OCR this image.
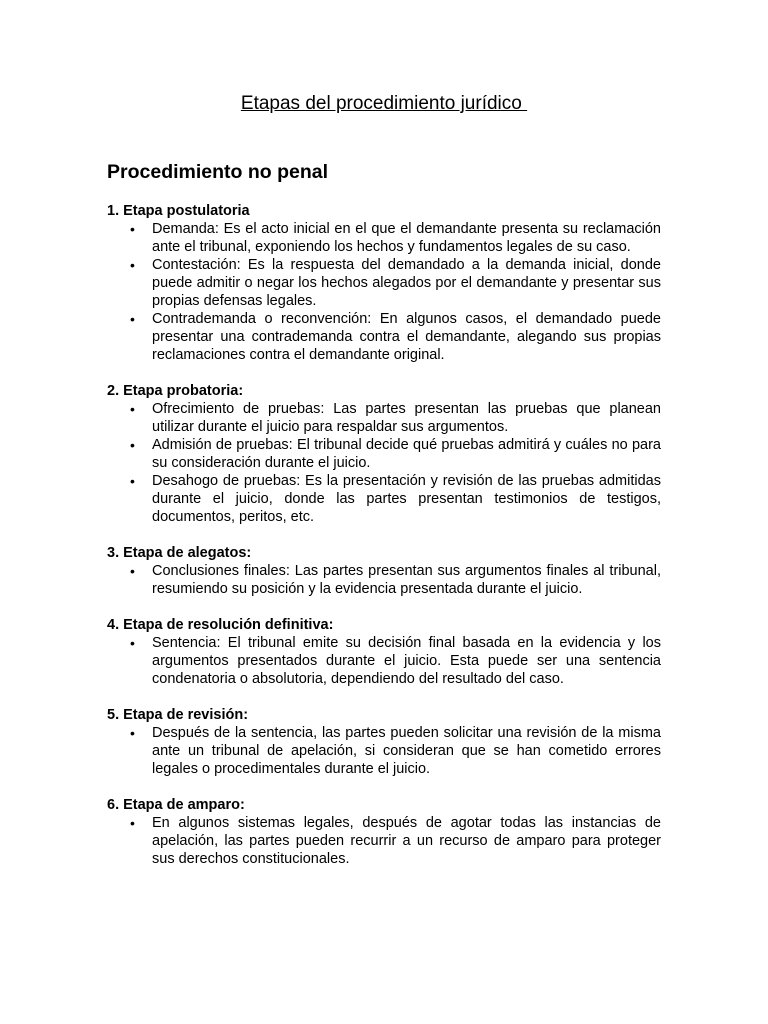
Etapas del procedimiento jurídico
Procedimiento no penal
1. Etapa postulatoria
• Demanda: Es el acto inicial en el que el demandante presenta su reclamación ante el tribunal, exponiendo los hechos y fundamentos legales de su caso.
• Contestación: Es la respuesta del demandado a la demanda inicial, donde puede admitir o negar los hechos alegados por el demandante y presentar sus propias defensas legales.
• Contrademanda o reconvención: En algunos casos, el demandado puede presentar una contrademanda contra el demandante, alegando sus propias reclamaciones contra el demandante original.
2. Etapa probatoria:
• Ofrecimiento de pruebas: Las partes presentan las pruebas que planean utilizar durante el juicio para respaldar sus argumentos.
• Admisión de pruebas: El tribunal decide qué pruebas admitirá y cuáles no para su consideración durante el juicio.
• Desahogo de pruebas: Es la presentación y revisión de las pruebas admitidas durante el juicio, donde las partes presentan testimonios de testigos, documentos, peritos, etc.
3. Etapa de alegatos:
• Conclusiones finales: Las partes presentan sus argumentos finales al tribunal, resumiendo su posición y la evidencia presentada durante el juicio.
4. Etapa de resolución definitiva:
• Sentencia: El tribunal emite su decisión final basada en la evidencia y los argumentos presentados durante el juicio. Esta puede ser una sentencia condenatoria o absolutoria, dependiendo del resultado del caso.
5. Etapa de revisión:
• Después de la sentencia, las partes pueden solicitar una revisión de la misma ante un tribunal de apelación, si consideran que se han cometido errores legales o procedimentales durante el juicio.
6. Etapa de amparo:
• En algunos sistemas legales, después de agotar todas las instancias de apelación, las partes pueden recurrir a un recurso de amparo para proteger sus derechos constitucionales.
